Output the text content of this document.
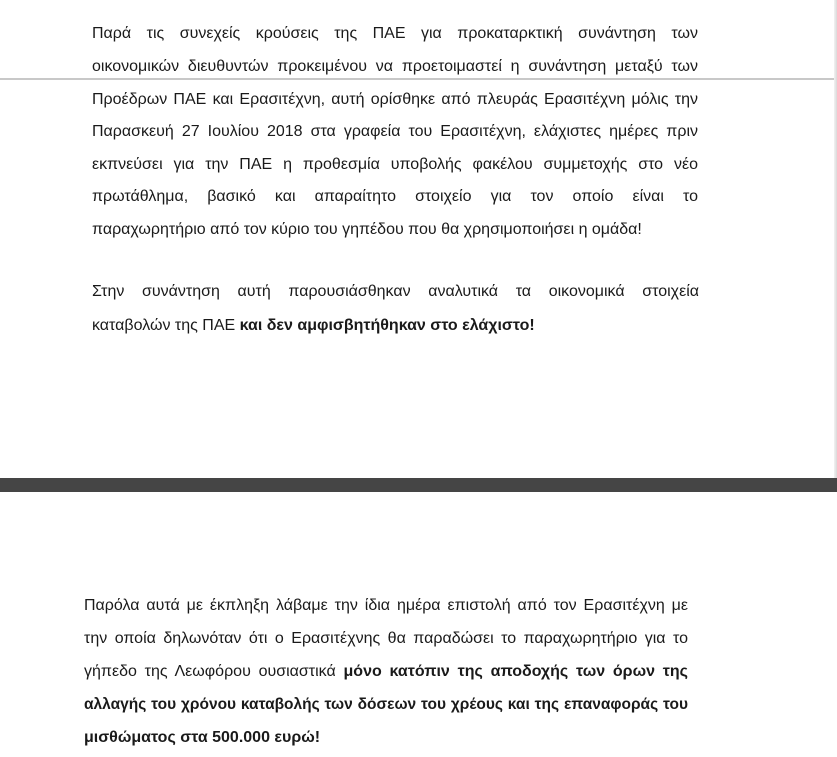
Παρά τις συνεχείς κρούσεις της ΠΑΕ για προκαταρκτική συνάντηση των
οικονομικών διευθυντών προκειμένου να προετοιμαστεί η συνάντηση μεταξύ των
Προέδρων ΠΑΕ και Ερασιτέχνη, αυτή ορίσθηκε από πλευράς Ερασιτέχνη μόλις την
Παρασκευή 27 Ιουλίου 2018 στα γραφεία του Ερασιτέχνη, ελάχιστες ημέρες πριν
εκπνεύσει για την ΠΑΕ η προθεσμία υποβολής φακέλου συμμετοχής στο νέο
πρωτάθλημα, βασικό και απαραίτητο στοιχείο για τον οποίο είναι το
παραχωρητήριο από τον κύριο του γηπέδου που θα χρησιμοποιήσει η ομάδα!
Στην συνάντηση αυτή παρουσιάσθηκαν αναλυτικά τα οικονομικά στοιχεία
καταβολών της ΠΑΕ και δεν αμφισβητήθηκαν στο ελάχιστο!
Παρόλα αυτά με έκπληξη λάβαμε την ίδια ημέρα επιστολή από τον Ερασιτέχνη με
την οποία δηλωνόταν ότι ο Ερασιτέχνης θα παραδώσει το παραχωρητήριο για το
γήπεδο της Λεωφόρου ουσιαστικά μόνο κατόπιν της αποδοχής των όρων της
αλλαγής του χρόνου καταβολής των δόσεων του χρέους και της επαναφοράς του
μισθώματος στα 500.000 ευρώ!
